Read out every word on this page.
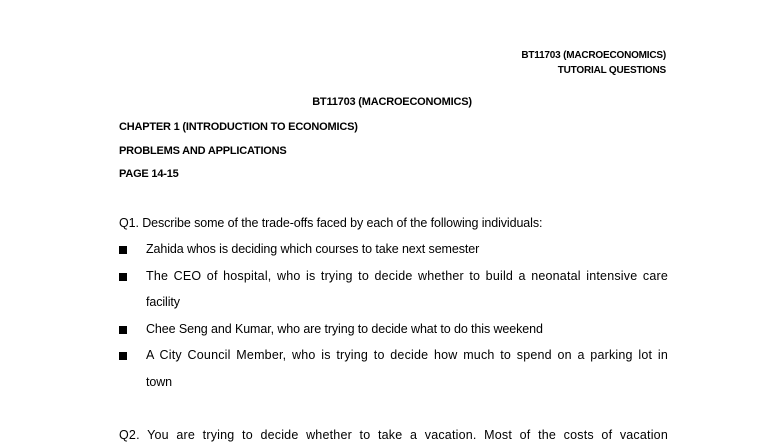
BT11703 (MACROECONOMICS)
TUTORIAL QUESTIONS
BT11703 (MACROECONOMICS)
CHAPTER 1 (INTRODUCTION TO ECONOMICS)
PROBLEMS AND APPLICATIONS
PAGE 14-15
Q1. Describe some of the trade-offs faced by each of the following individuals:
Zahida whos is deciding which courses to take next semester
The CEO of hospital, who is trying to decide whether to build a neonatal intensive care
facility
Chee Seng and Kumar, who are trying to decide what to do this weekend
A City Council Member, who is trying to decide how much to spend on a parking lot in
town
Q2. You are trying to decide whether to take a vacation. Most of the costs of vacation
